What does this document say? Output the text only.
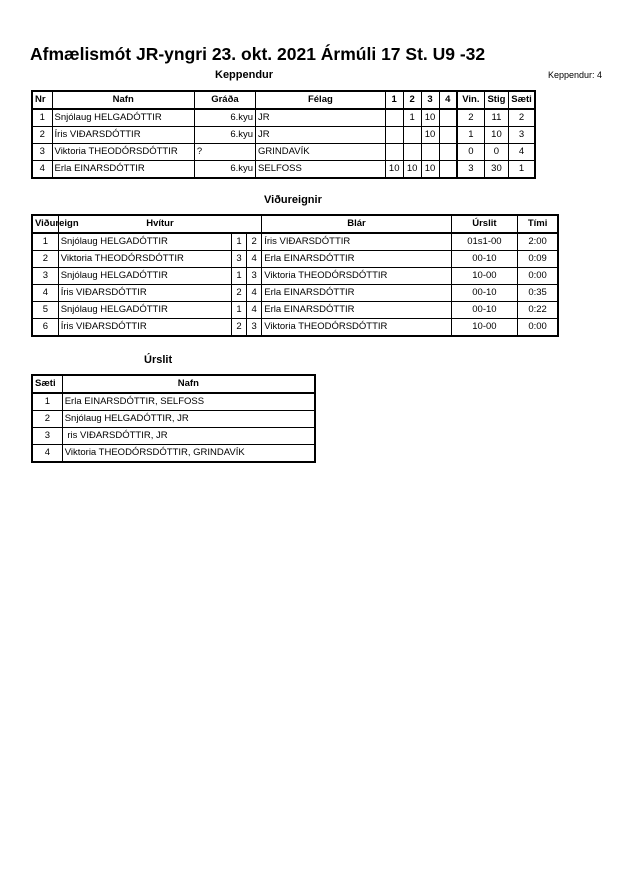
Afmælismót JR-yngri 23. okt. 2021 Ármúli 17 St. U9 -32
Keppendur	Keppendur: 4
Nr	Nafn	Gráða	Félag	1	2	3	4	Vin.	Stig	Sæti
1	Snjólaug HELGADÓTTIR	6.kyu	JR		1	10		2	11	2
2	Íris VIÐARSDÓTTIR	6.kyu	JR			10		1	10	3
3	Viktoria THEODÓRSDÓTTIR	?	GRINDAVÍK					0	0	4
4	Erla EINARSDÓTTIR	6.kyu	SELFOSS	10	10	10		3	30	1
Viðureignir
Viðureign	Hvítur			Blár	Úrslit	Tími
1	Snjólaug HELGADÓTTIR	1	2	Íris VIÐARSDÓTTIR	01s1-00	2:00
2	Viktoria THEODÓRSDÓTTIR	3	4	Erla EINARSDÓTTIR	00-10	0:09
3	Snjólaug HELGADÓTTIR	1	3	Viktoria THEODÓRSDÓTTIR	10-00	0:00
4	Íris VIÐARSDÓTTIR	2	4	Erla EINARSDÓTTIR	00-10	0:35
5	Snjólaug HELGADÓTTIR	1	4	Erla EINARSDÓTTIR	00-10	0:22
6	Íris VIÐARSDÓTTIR	2	3	Viktoria THEODÓRSDÓTTIR	10-00	0:00
Úrslit
Sæti	Nafn
1	Erla EINARSDÓTTIR, SELFOSS
2	Snjólaug HELGADÓTTIR, JR
3	ris VIÐARSDÓTTIR, JR
4	Viktoria THEODÓRSDÓTTIR, GRINDAVÍK
